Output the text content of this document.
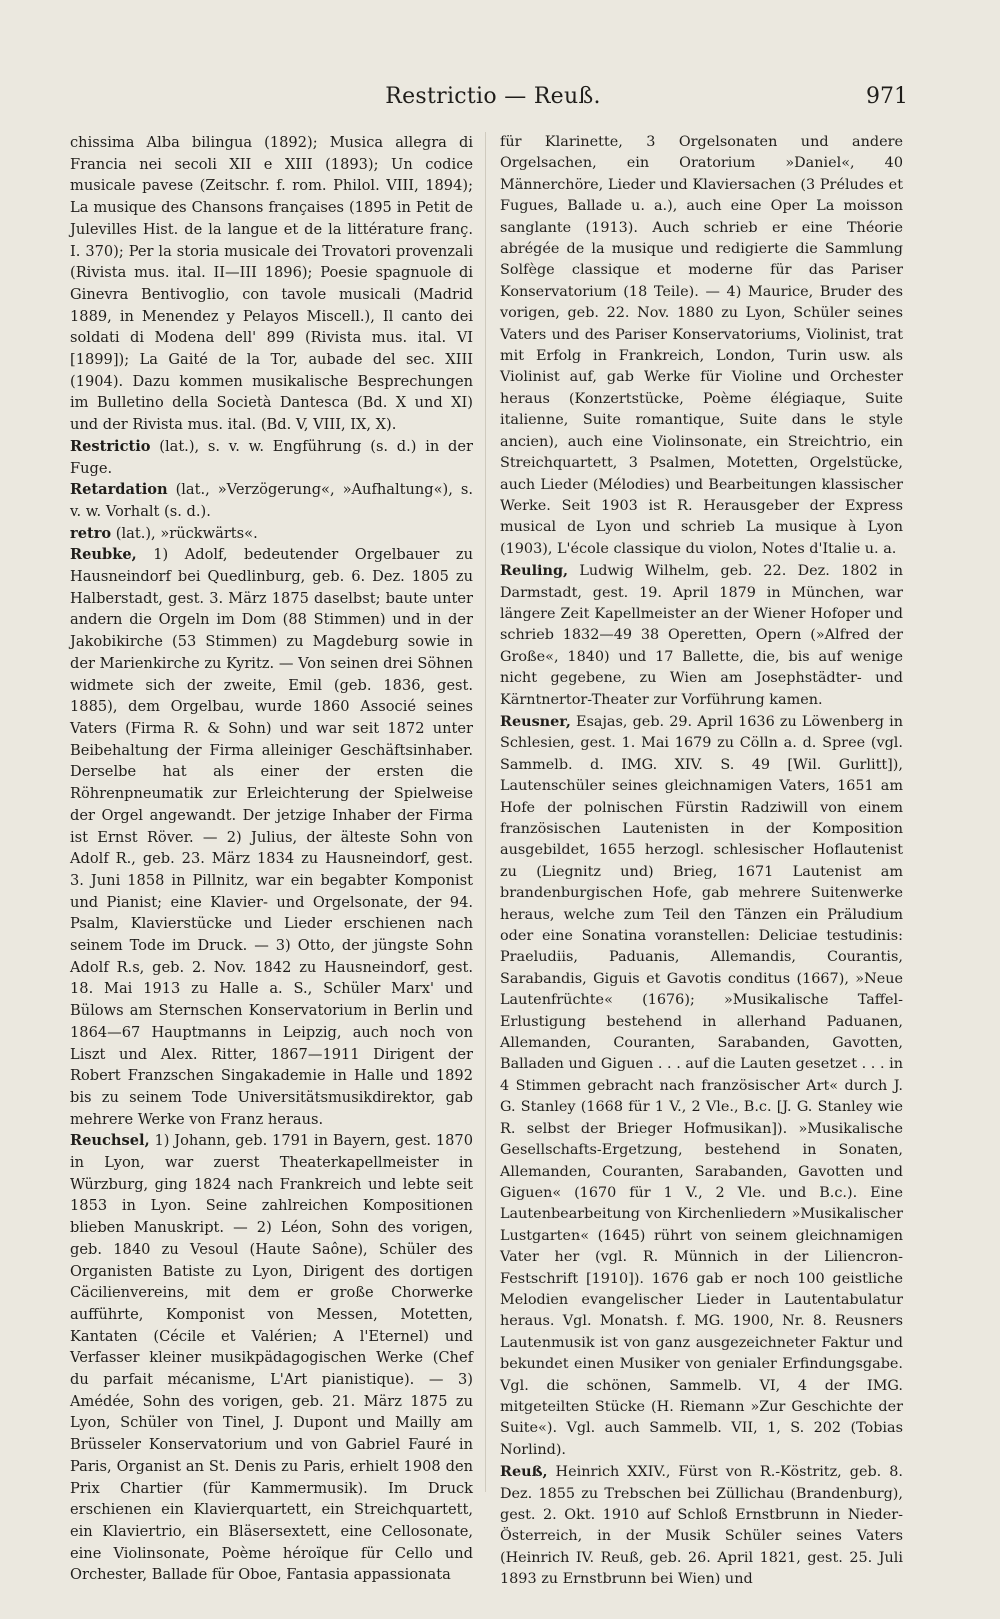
Restrictio — Reuß.	971

chissima Alba bilingua (1892); Musica allegra di Francia nei secoli XII e XIII (1893); Un codice musicale pavese (Zeitschr. f. rom. Philol. VIII, 1894); La musique des Chansons françaises (1895 in Petit de Julevilles Hist. de la langue et de la littérature franç. I. 370); Per la storia musicale dei Trovatori provenzali (Rivista mus. ital. II—III 1896); Poesie spagnuole di Ginevra Bentivoglio, con tavole musicali (Madrid 1889, in Menendez y Pelayos Miscell.), Il canto dei soldati di Modena dell' 899 (Rivista mus. ital. VI [1899]); La Gaité de la Tor, aubade del sec. XIII (1904). Dazu kommen musikalische Besprechungen im Bulletino della Società Dantesca (Bd. X und XI) und der Rivista mus. ital. (Bd. V, VIII, IX, X).

Restrictio (lat.), s. v. w. Engführung (s. d.) in der Fuge.

Retardation (lat., »Verzögerung«, »Aufhaltung«), s. v. w. Vorhalt (s. d.).

retro (lat.), »rückwärts«.

Reubke, 1) Adolf, bedeutender Orgelbauer zu Hausneindorf bei Quedlinburg, geb. 6. Dez. 1805 zu Halberstadt, gest. 3. März 1875 daselbst; baute unter andern die Orgeln im Dom (88 Stimmen) und in der Jakobikirche (53 Stimmen) zu Magdeburg sowie in der Marienkirche zu Kyritz. — Von seinen drei Söhnen widmete sich der zweite, Emil (geb. 1836, gest. 1885), dem Orgelbau, wurde 1860 Associé seines Vaters (Firma R. & Sohn) und war seit 1872 unter Beibehaltung der Firma alleiniger Geschäftsinhaber. Derselbe hat als einer der ersten die Röhrenpneumatik zur Erleichterung der Spielweise der Orgel angewandt. Der jetzige Inhaber der Firma ist Ernst Röver. — 2) Julius, der älteste Sohn von Adolf R., geb. 23. März 1834 zu Hausneindorf, gest. 3. Juni 1858 in Pillnitz, war ein begabter Komponist und Pianist; eine Klavier- und Orgelsonate, der 94. Psalm, Klavierstücke und Lieder erschienen nach seinem Tode im Druck. — 3) Otto, der jüngste Sohn Adolf R.s, geb. 2. Nov. 1842 zu Hausneindorf, gest. 18. Mai 1913 zu Halle a. S., Schüler Marx' und Bülows am Sternschen Konservatorium in Berlin und 1864—67 Hauptmanns in Leipzig, auch noch von Liszt und Alex. Ritter, 1867—1911 Dirigent der Robert Franzschen Singakademie in Halle und 1892 bis zu seinem Tode Universitätsmusikdirektor, gab mehrere Werke von Franz heraus.

Reuchsel, 1) Johann, geb. 1791 in Bayern, gest. 1870 in Lyon, war zuerst Theaterkapellmeister in Würzburg, ging 1824 nach Frankreich und lebte seit 1853 in Lyon. Seine zahlreichen Kompositionen blieben Manuskript. — 2) Léon, Sohn des vorigen, geb. 1840 zu Vesoul (Haute Saône), Schüler des Organisten Batiste zu Lyon, Dirigent des dortigen Cäcilienvereins, mit dem er große Chorwerke aufführte, Komponist von Messen, Motetten, Kantaten (Cécile et Valérien; A l'Eternel) und Verfasser kleiner musikpädagogischen Werke (Chef du parfait mécanisme, L'Art pianistique). — 3) Amédée, Sohn des vorigen, geb. 21. März 1875 zu Lyon, Schüler von Tinel, J. Dupont und Mailly am Brüsseler Konservatorium und von Gabriel Fauré in Paris, Organist an St. Denis zu Paris, erhielt 1908 den Prix Chartier (für Kammermusik). Im Druck erschienen ein Klavierquartett, ein Streichquartett, ein Klaviertrio, ein Bläsersextett, eine Cellosonate, eine Violinsonate, Poème héroïque für Cello und Orchester, Ballade für Oboe, Fantasia appassionata

für Klarinette, 3 Orgelsonaten und andere Orgelsachen, ein Oratorium »Daniel«, 40 Männerchöre, Lieder und Klaviersachen (3 Préludes et Fugues, Ballade u. a.), auch eine Oper La moisson sanglante (1913). Auch schrieb er eine Théorie abrégée de la musique und redigierte die Sammlung Solfège classique et moderne für das Pariser Konservatorium (18 Teile). — 4) Maurice, Bruder des vorigen, geb. 22. Nov. 1880 zu Lyon, Schüler seines Vaters und des Pariser Konservatoriums, Violinist, trat mit Erfolg in Frankreich, London, Turin usw. als Violinist auf, gab Werke für Violine und Orchester heraus (Konzertstücke, Poème élégiaque, Suite italienne, Suite romantique, Suite dans le style ancien), auch eine Violinsonate, ein Streichtrio, ein Streichquartett, 3 Psalmen, Motetten, Orgelstücke, auch Lieder (Mélodies) und Bearbeitungen klassischer Werke. Seit 1903 ist R. Herausgeber der Express musical de Lyon und schrieb La musique à Lyon (1903), L'école classique du violon, Notes d'Italie u. a.

Reuling, Ludwig Wilhelm, geb. 22. Dez. 1802 in Darmstadt, gest. 19. April 1879 in München, war längere Zeit Kapellmeister an der Wiener Hofoper und schrieb 1832—49 38 Operetten, Opern (»Alfred der Große«, 1840) und 17 Ballette, die, bis auf wenige nicht gegebene, zu Wien am Josephstädter- und Kärntnertor-Theater zur Vorführung kamen.

Reusner, Esajas, geb. 29. April 1636 zu Löwenberg in Schlesien, gest. 1. Mai 1679 zu Cölln a. d. Spree (vgl. Sammelb. d. IMG. XIV. S. 49 [Wil. Gurlitt]), Lautenschüler seines gleichnamigen Vaters, 1651 am Hofe der polnischen Fürstin Radziwill von einem französischen Lautenisten in der Komposition ausgebildet, 1655 herzogl. schlesischer Hoflautenist zu (Liegnitz und) Brieg, 1671 Lautenist am brandenburgischen Hofe, gab mehrere Suitenwerke heraus, welche zum Teil den Tänzen ein Präludium oder eine Sonatina voranstellen: Deliciae testudinis: Praeludiis, Paduanis, Allemandis, Courantis, Sarabandis, Giguis et Gavotis conditus (1667), »Neue Lautenfrüchte« (1676); »Musikalische Taffel-Erlustigung bestehend in allerhand Paduanen, Allemanden, Couranten, Sarabanden, Gavotten, Balladen und Giguen . . . auf die Lauten gesetzet . . . in 4 Stimmen gebracht nach französischer Art« durch J. G. Stanley (1668 für 1 V., 2 Vle., B.c. [J. G. Stanley wie R. selbst der Brieger Hofmusikan]). »Musikalische Gesellschafts-Ergetzung, bestehend in Sonaten, Allemanden, Couranten, Sarabanden, Gavotten und Giguen« (1670 für 1 V., 2 Vle. und B.c.). Eine Lautenbearbeitung von Kirchenliedern »Musikalischer Lustgarten« (1645) rührt von seinem gleichnamigen Vater her (vgl. R. Münnich in der Liliencron-Festschrift [1910]). 1676 gab er noch 100 geistliche Melodien evangelischer Lieder in Lautentabulatur heraus. Vgl. Monatsh. f. MG. 1900, Nr. 8. Reusners Lautenmusik ist von ganz ausgezeichneter Faktur und bekundet einen Musiker von genialer Erfindungsgabe. Vgl. die schönen, Sammelb. VI, 4 der IMG. mitgeteilten Stücke (H. Riemann »Zur Geschichte der Suite«). Vgl. auch Sammelb. VII, 1, S. 202 (Tobias Norlind).

Reuß, Heinrich XXIV., Fürst von R.-Köstritz, geb. 8. Dez. 1855 zu Trebschen bei Züllichau (Brandenburg), gest. 2. Okt. 1910 auf Schloß Ernstbrunn in Nieder-Österreich, in der Musik Schüler seines Vaters (Heinrich IV. Reuß, geb. 26. April 1821, gest. 25. Juli 1893 zu Ernstbrunn bei Wien) und
